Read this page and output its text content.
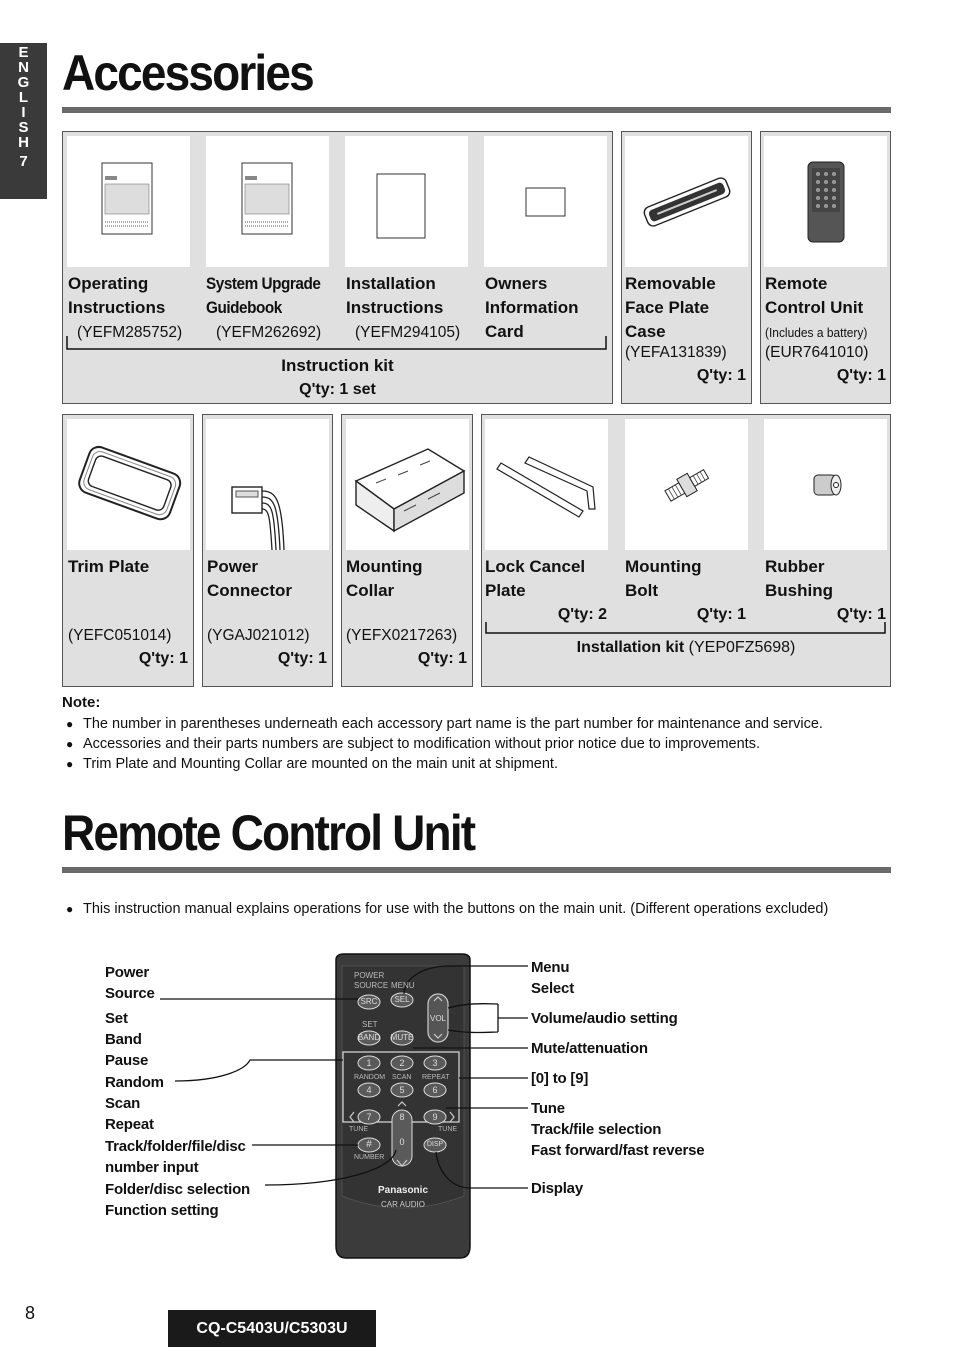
E
N
G
L
I
S
H
7
Accessories
Operating
Instructions
(YEFM285752)
System Upgrade
Guidebook
(YEFM262692)
Installation
Instructions
(YEFM294105)
Owners
Information
Card
Instruction kit
Q'ty: 1 set
Removable
Face Plate
Case
(YEFA131839)
Q'ty: 1
Remote
Control Unit
(Includes a battery)
(EUR7641010)
Q'ty: 1
Trim Plate
(YEFC051014)
Q'ty: 1
Power
Connector
(YGAJ021012)
Q'ty: 1
Mounting
Collar
(YEFX0217263)
Q'ty: 1
Lock Cancel
Plate
Q'ty: 2
Mounting
Bolt
Q'ty: 1
Rubber
Bushing
Q'ty: 1
Installation kit (YEP0FZ5698)
Note:
● The number in parentheses underneath each accessory part name is the part number for maintenance and service.
● Accessories and their parts numbers are subject to modification without prior notice due to improvements.
● Trim Plate and Mounting Collar are mounted on the main unit at shipment.
Remote Control Unit
● This instruction manual explains operations for use with the buttons on the main unit. (Different operations excluded)
POWER
SOURCE MENU
SRC	SEL
VOL
SET
BAND MUTE
1	2	3
RANDOM SCAN REPEAT
4	5	6
7	8	9
0
TUNE	TUNE
#	DISP
NUMBER
Panasonic
CAR AUDIO
Power
Source
Set
Band
Pause
Random
Scan
Repeat
Track/folder/file/disc
number input
Folder/disc selection
Function setting
Menu
Select
Volume/audio setting
Mute/attenuation
[0] to [9]
Tune
Track/file selection
Fast forward/fast reverse
Display
8
CQ-C5403U/C5303U
